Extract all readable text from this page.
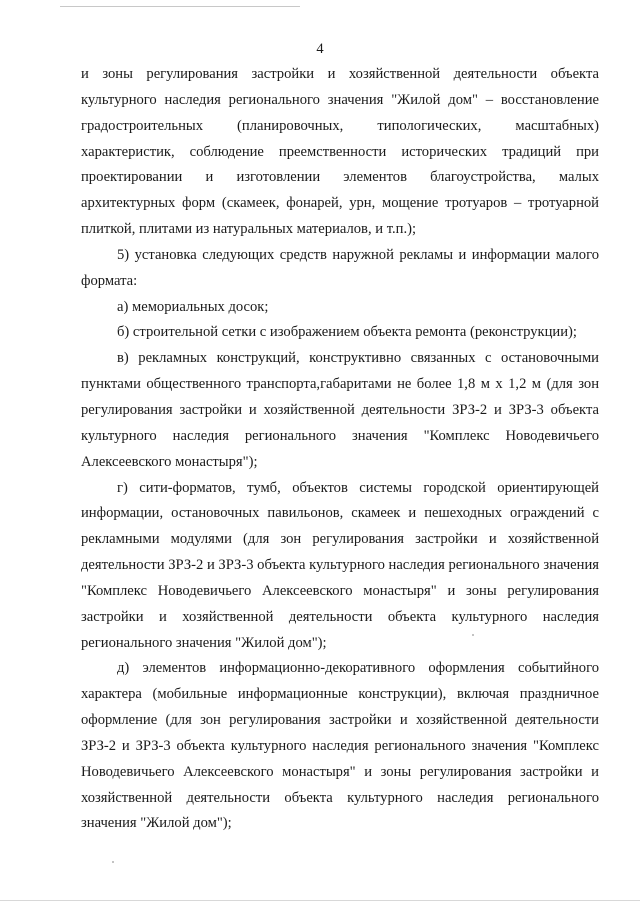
4

и зоны регулирования застройки и хозяйственной деятельности объекта культурного наследия регионального значения "Жилой дом" – восстановление градостроительных (планировочных, типологических, масштабных) характеристик, соблюдение преемственности исторических традиций при проектировании и изготовлении элементов благоустройства, малых архитектурных форм (скамеек, фонарей, урн, мощение тротуаров – тротуарной плиткой, плитами из натуральных материалов, и т.п.);

5) установка следующих средств наружной рекламы и информации малого формата:

а) мемориальных досок;

б) строительной сетки с изображением объекта ремонта (реконструкции);

в) рекламных конструкций, конструктивно связанных с остановочными пунктами общественного транспорта,габаритами не более 1,8 м х 1,2 м (для зон регулирования застройки и хозяйственной деятельности ЗРЗ-2 и ЗРЗ-3 объекта культурного наследия регионального значения "Комплекс Новодевичьего Алексеевского монастыря");

г) сити-форматов, тумб, объектов системы городской ориентирующей информации, остановочных павильонов, скамеек и пешеходных ограждений с рекламными модулями (для зон регулирования застройки и хозяйственной деятельности ЗРЗ-2 и ЗРЗ-3 объекта культурного наследия регионального значения "Комплекс Новодевичьего Алексеевского монастыря" и зоны регулирования застройки и хозяйственной деятельности объекта культурного наследия регионального значения "Жилой дом");

д) элементов информационно-декоративного оформления событийного характера (мобильные информационные конструкции), включая праздничное оформление (для зон регулирования застройки и хозяйственной деятельности ЗРЗ-2 и ЗРЗ-3 объекта культурного наследия регионального значения "Комплекс Новодевичьего Алексеевского монастыря" и зоны регулирования застройки и хозяйственной деятельности объекта культурного наследия регионального значения "Жилой дом");
